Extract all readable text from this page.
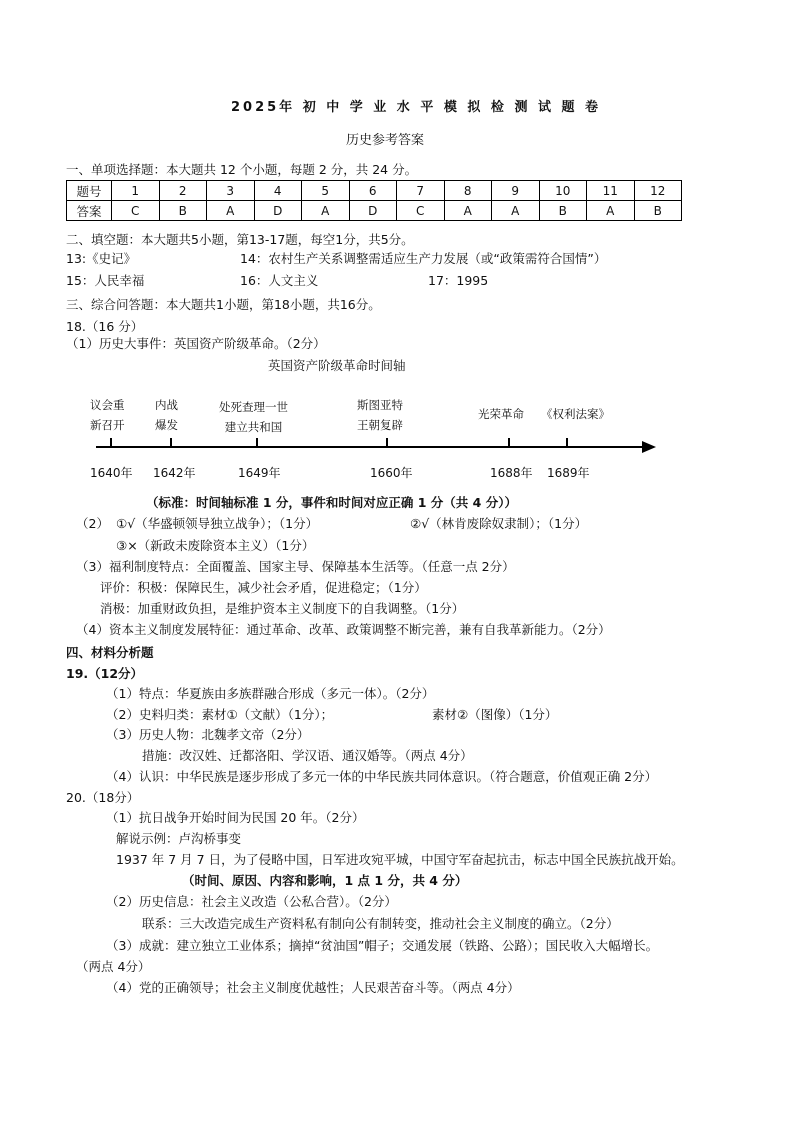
2025年 初 中 学 业 水 平 模 拟 检 测 试 题 卷
历史参考答案
一、单项选择题：本大题共 12 个小题，每题 2 分，共 24 分。
题号	1	2	3	4	5	6	7	8	9	10	11	12
答案	C	B	A	D	A	D	C	A	A	B	A	B
二、填空题：本大题共5小题，第13-17题，每空1分，共5分。
13:《史记》	14：农村生产关系调整需适应生产力发展（或“政策需符合国情”）
15：人民幸福	16：人文主义	17：1995
三、综合问答题：本大题共1小题，第18小题，共16分。
18.（16 分）
（1）历史大事件：英国资产阶级革命。（2分）
英国资产阶级革命时间轴
议会重
新召开
内战
爆发
处死查理一世
建立共和国
斯图亚特
王朝复辟
光荣革命 《权利法案》
1640年 1642年	1649年	1660年	1688年 1689年
（标准：时间轴标准 1 分，事件和时间对应正确 1 分（共 4 分））
（2） ①√（华盛顿领导独立战争）；（1分）	②√（林肯废除奴隶制）；（1分）
③×（新政未废除资本主义）（1分）
（3）福利制度特点：全面覆盖、国家主导、保障基本生活等。（任意一点 2分）
评价：积极：保障民生，减少社会矛盾，促进稳定；（1分）
消极：加重财政负担，是维护资本主义制度下的自我调整。（1分）
（4）资本主义制度发展特征：通过革命、改革、政策调整不断完善，兼有自我革新能力。（2分）
四、材料分析题
19.（12分）
（1）特点：华夏族由多族群融合形成（多元一体）。（2分）
（2）史料归类：素材①（文献）（1分）；	素材②（图像）（1分）
（3）历史人物：北魏孝文帝（2分）
措施：改汉姓、迁都洛阳、学汉语、通汉婚等。（两点 4分）
（4）认识：中华民族是逐步形成了多元一体的中华民族共同体意识。（符合题意，价值观正确 2分）
20.（18分）
（1）抗日战争开始时间为民国 20 年。（2分）
解说示例：卢沟桥事变
1937 年 7 月 7 日，为了侵略中国，日军进攻宛平城，中国守军奋起抗击，标志中国全民族抗战开始。
（时间、原因、内容和影响，1 点 1 分，共 4 分）
（2）历史信息：社会主义改造（公私合营）。（2分）
联系：三大改造完成生产资料私有制向公有制转变，推动社会主义制度的确立。（2分）
（3）成就：建立独立工业体系；摘掉“贫油国”帽子；交通发展（铁路、公路）；国民收入大幅增长。
（两点 4分）
（4）党的正确领导；社会主义制度优越性；人民艰苦奋斗等。（两点 4分）
